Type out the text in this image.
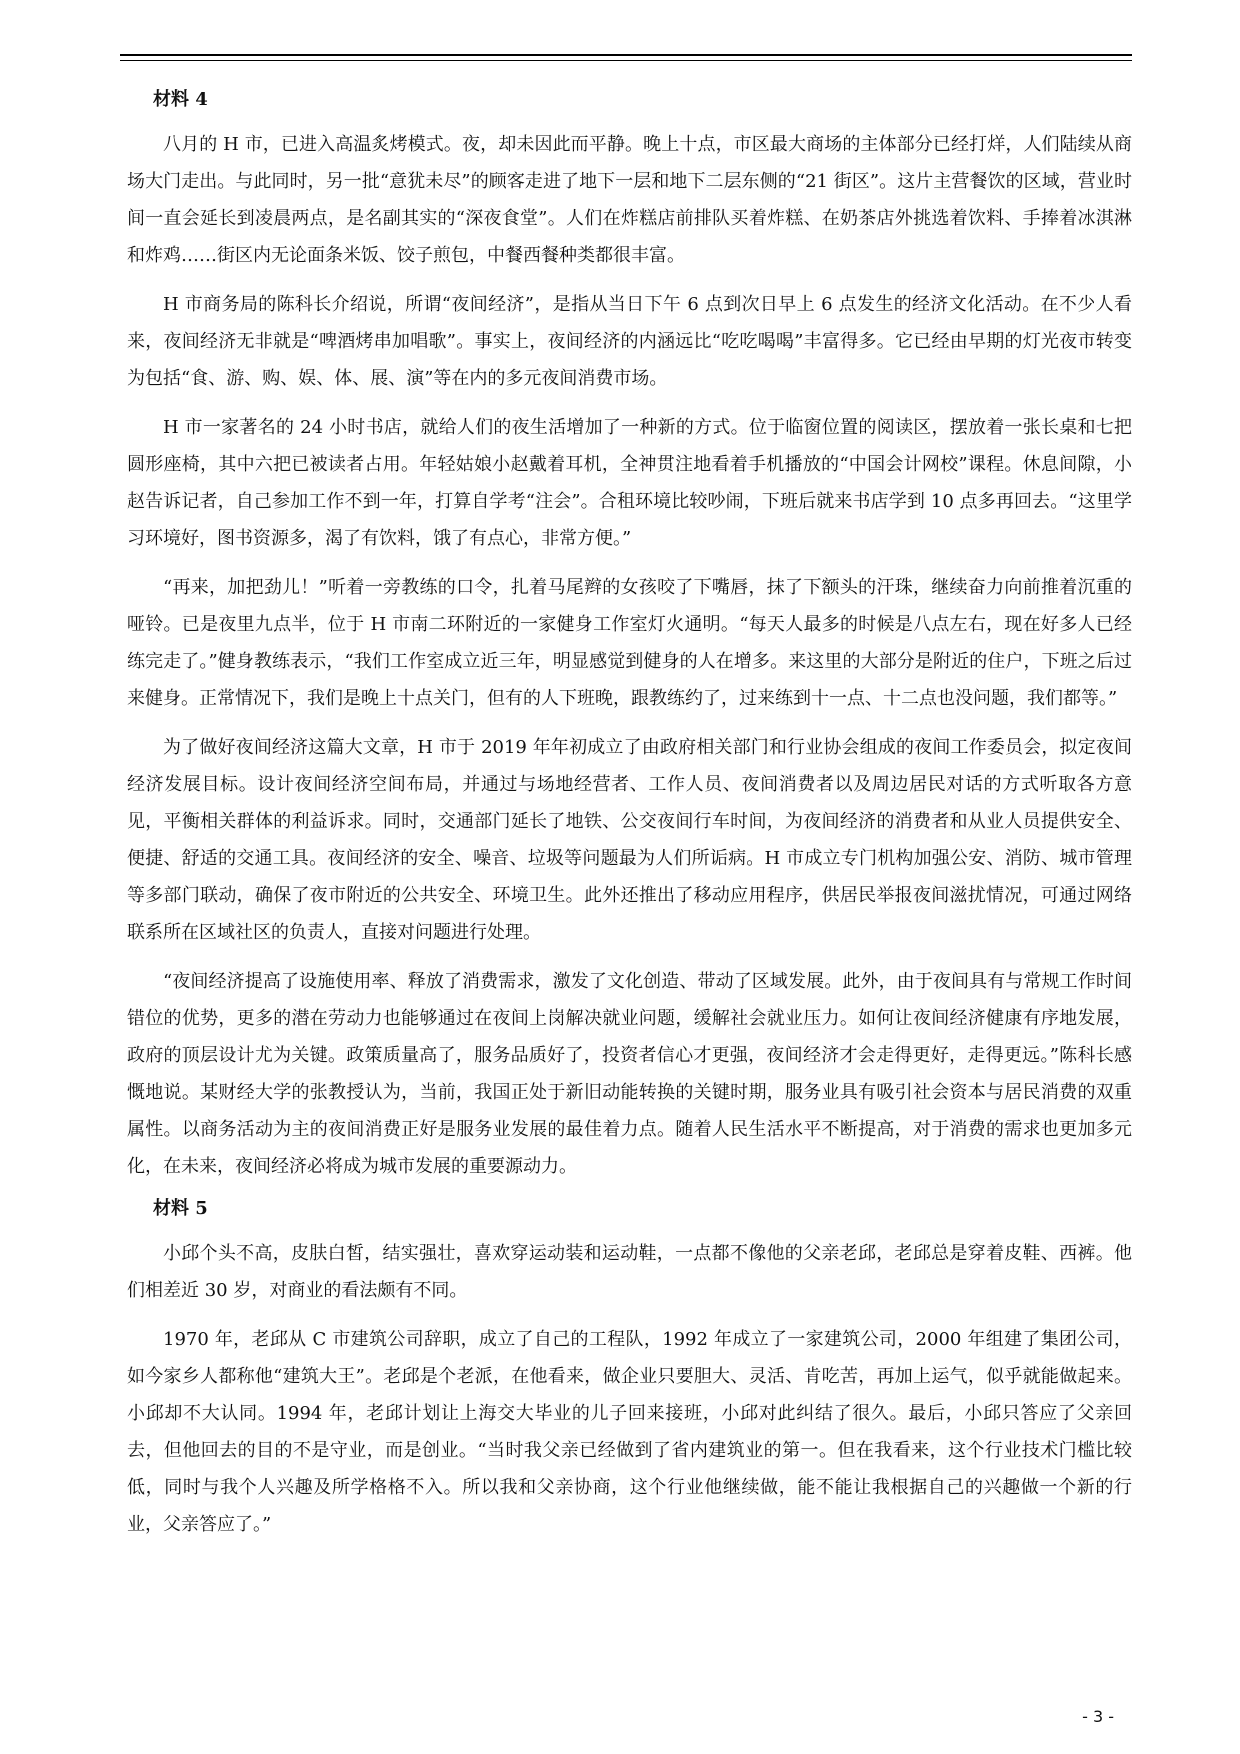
材料 4

八月的 H 市，已进入高温炙烤模式。夜，却未因此而平静。晚上十点，市区最大商场的主体部分已经打烊，人们陆续从商场大门走出。与此同时，另一批“意犹未尽”的顾客走进了地下一层和地下二层东侧的“21 街区”。这片主营餐饮的区域，营业时间一直会延长到凌晨两点，是名副其实的“深夜食堂”。人们在炸糕店前排队买着炸糕、在奶茶店外挑选着饮料、手捧着冰淇淋和炸鸡……街区内无论面条米饭、饺子煎包，中餐西餐种类都很丰富。

H 市商务局的陈科长介绍说，所谓“夜间经济”，是指从当日下午 6 点到次日早上 6 点发生的经济文化活动。在不少人看来，夜间经济无非就是“啤酒烤串加唱歌”。事实上，夜间经济的内涵远比“吃吃喝喝”丰富得多。它已经由早期的灯光夜市转变为包括“食、游、购、娱、体、展、演”等在内的多元夜间消费市场。

H 市一家著名的 24 小时书店，就给人们的夜生活增加了一种新的方式。位于临窗位置的阅读区，摆放着一张长桌和七把圆形座椅，其中六把已被读者占用。年轻姑娘小赵戴着耳机，全神贯注地看着手机播放的“中国会计网校”课程。休息间隙，小赵告诉记者，自己参加工作不到一年，打算自学考“注会”。合租环境比较吵闹，下班后就来书店学到 10 点多再回去。“这里学习环境好，图书资源多，渴了有饮料，饿了有点心，非常方便。”

“再来，加把劲儿！”听着一旁教练的口令，扎着马尾辫的女孩咬了下嘴唇，抹了下额头的汗珠，继续奋力向前推着沉重的哑铃。已是夜里九点半，位于 H 市南二环附近的一家健身工作室灯火通明。“每天人最多的时候是八点左右，现在好多人已经练完走了。”健身教练表示，“我们工作室成立近三年，明显感觉到健身的人在增多。来这里的大部分是附近的住户，下班之后过来健身。正常情况下，我们是晚上十点关门，但有的人下班晚，跟教练约了，过来练到十一点、十二点也没问题，我们都等。”

为了做好夜间经济这篇大文章，H 市于 2019 年年初成立了由政府相关部门和行业协会组成的夜间工作委员会，拟定夜间经济发展目标。设计夜间经济空间布局，并通过与场地经营者、工作人员、夜间消费者以及周边居民对话的方式听取各方意见，平衡相关群体的利益诉求。同时，交通部门延长了地铁、公交夜间行车时间，为夜间经济的消费者和从业人员提供安全、便捷、舒适的交通工具。夜间经济的安全、噪音、垃圾等问题最为人们所诟病。H 市成立专门机构加强公安、消防、城市管理等多部门联动，确保了夜市附近的公共安全、环境卫生。此外还推出了移动应用程序，供居民举报夜间滋扰情况，可通过网络联系所在区域社区的负责人，直接对问题进行处理。

“夜间经济提高了设施使用率、释放了消费需求，激发了文化创造、带动了区域发展。此外，由于夜间具有与常规工作时间错位的优势，更多的潜在劳动力也能够通过在夜间上岗解决就业问题，缓解社会就业压力。如何让夜间经济健康有序地发展，政府的顶层设计尤为关键。政策质量高了，服务品质好了，投资者信心才更强，夜间经济才会走得更好，走得更远。”陈科长感慨地说。某财经大学的张教授认为，当前，我国正处于新旧动能转换的关键时期，服务业具有吸引社会资本与居民消费的双重属性。以商务活动为主的夜间消费正好是服务业发展的最佳着力点。随着人民生活水平不断提高，对于消费的需求也更加多元化，在未来，夜间经济必将成为城市发展的重要源动力。

材料 5

小邱个头不高，皮肤白皙，结实强壮，喜欢穿运动装和运动鞋，一点都不像他的父亲老邱，老邱总是穿着皮鞋、西裤。他们相差近 30 岁，对商业的看法颇有不同。

1970 年，老邱从 C 市建筑公司辞职，成立了自己的工程队，1992 年成立了一家建筑公司，2000 年组建了集团公司，如今家乡人都称他“建筑大王”。老邱是个老派，在他看来，做企业只要胆大、灵活、肯吃苦，再加上运气，似乎就能做起来。小邱却不大认同。1994 年，老邱计划让上海交大毕业的儿子回来接班，小邱对此纠结了很久。最后，小邱只答应了父亲回去，但他回去的目的不是守业，而是创业。“当时我父亲已经做到了省内建筑业的第一。但在我看来，这个行业技术门槛比较低，同时与我个人兴趣及所学格格不入。所以我和父亲协商，这个行业他继续做，能不能让我根据自己的兴趣做一个新的行业，父亲答应了。”

- 3 -
